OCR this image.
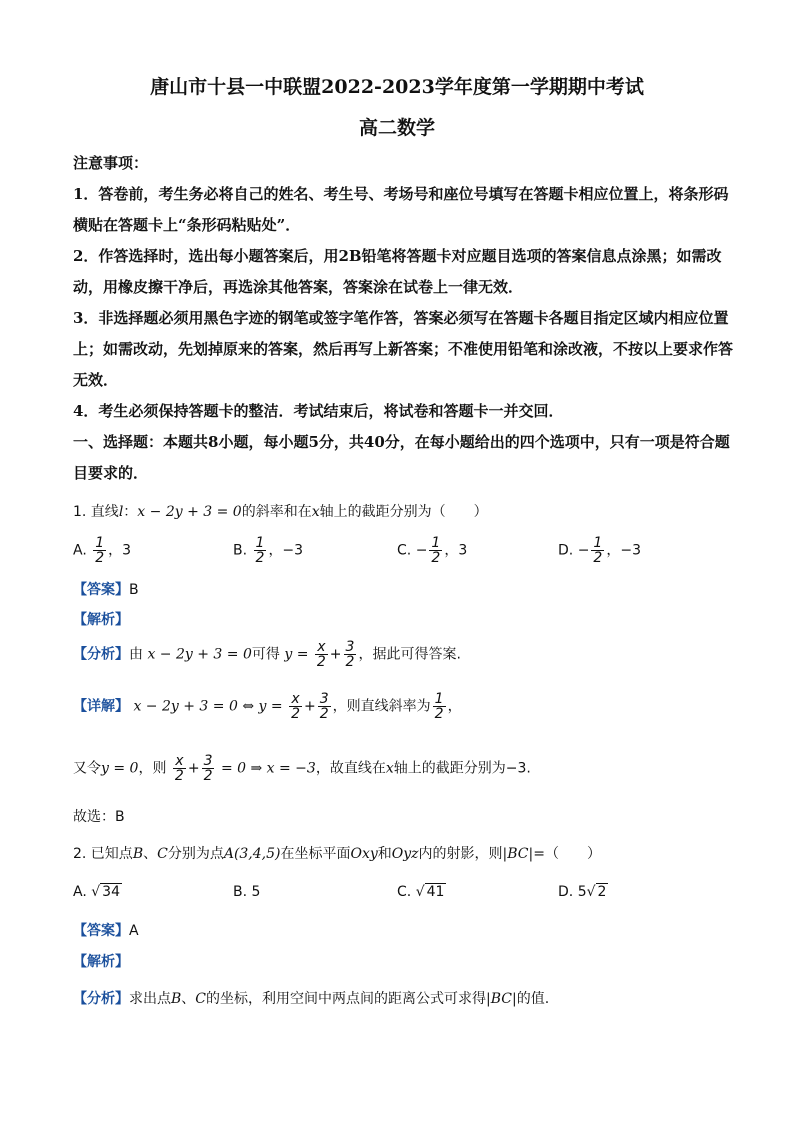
唐山市十县一中联盟2022-2023学年度第一学期期中考试
高二数学

注意事项：

1．答卷前，考生务必将自己的姓名、考生号、考场号和座位号填写在答题卡相应位置上，将条形码横贴在答题卡上“条形码粘贴处”．

2．作答选择时，选出每小题答案后，用2B铅笔将答题卡对应题目选项的答案信息点涂黑；如需改动，用橡皮擦干净后，再选涂其他答案，答案涂在试卷上一律无效．

3．非选择题必须用黑色字迹的钢笔或签字笔作答，答案必须写在答题卡各题目指定区域内相应位置上；如需改动，先划掉原来的答案，然后再写上新答案；不准使用铅笔和涂改液，不按以上要求作答无效．

4．考生必须保持答题卡的整洁．考试结束后，将试卷和答题卡一并交回．

一、选择题：本题共8小题，每小题5分，共40分，在每小题给出的四个选项中，只有一项是符合题目要求的．

1. 直线l：x − 2y + 3 = 0的斜率和在x轴上的截距分别为（　　）
A. $\frac{1}{2}$ ，3	B. $\frac{1}{2}$ ，−3	C. − $\frac{1}{2}$ ，3	D. − $\frac{1}{2}$ ，−3
【答案】B
【解析】
【分析】由 x − 2y + 3 = 0可得 $y = \frac{x}{2} + \frac{3}{2}$ ，据此可得答案.
【详解】 x − 2y + 3 = 0 ⇔ $y = \frac{x}{2} + \frac{3}{2}$ ，则直线斜率为 $\frac{1}{2}$ ，
又令y = 0，则 $\frac{x}{2} + \frac{3}{2} = 0$ ⇒ x = −3，故直线在x轴上的截距分别为−3.
故选：B
2. 已知点B、C分别为点A(3,4,5)在坐标平面Oxy和Oyz内的射影，则|BC|=（　　）
A. √ 34	B. 5	C. √ 41	D. 5√ 2
【答案】A
【解析】
【分析】求出点B、C的坐标，利用空间中两点间的距离公式可求得|BC|的值.
